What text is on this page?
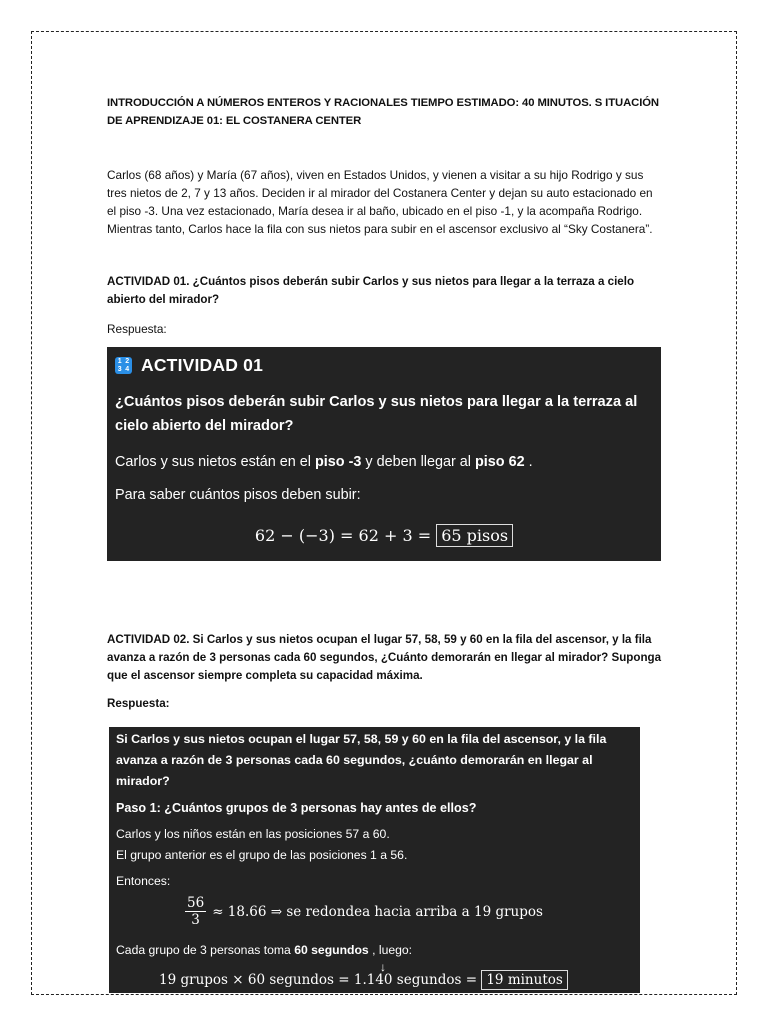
INTRODUCCIÓN A NÚMEROS ENTEROS Y RACIONALES TIEMPO ESTIMADO: 40 MINUTOS. S ITUACIÓN DE APRENDIZAJE 01: EL COSTANERA CENTER
Carlos (68 años) y María (67 años), viven en Estados Unidos, y vienen a visitar a su hijo Rodrigo y sus tres nietos de 2, 7 y 13 años. Deciden ir al mirador del Costanera Center y dejan su auto estacionado en el piso -3. Una vez estacionado, María desea ir al baño, ubicado en el piso -1, y la acompaña Rodrigo. Mientras tanto, Carlos hace la fila con sus nietos para subir en el ascensor exclusivo al “Sky Costanera”.
ACTIVIDAD 01. ¿Cuántos pisos deberán subir Carlos y sus nietos para llegar a la terraza a cielo abierto del mirador?
Respuesta:
1 2
3 4 ACTIVIDAD 01
¿Cuántos pisos deberán subir Carlos y sus nietos para llegar a la terraza al cielo abierto del mirador?
Carlos y sus nietos están en el piso -3 y deben llegar al piso 62 .
Para saber cuántos pisos deben subir:
62 − (−3) = 62 + 3 = 65 pisos
ACTIVIDAD 02. Si Carlos y sus nietos ocupan el lugar 57, 58, 59 y 60 en la fila del ascensor, y la fila avanza a razón de 3 personas cada 60 segundos, ¿Cuánto demorarán en llegar al mirador? Suponga que el ascensor siempre completa su capacidad máxima.
Respuesta:
Si Carlos y sus nietos ocupan el lugar 57, 58, 59 y 60 en la fila del ascensor, y la fila avanza a razón de 3 personas cada 60 segundos, ¿cuánto demorarán en llegar al mirador?
Paso 1: ¿Cuántos grupos de 3 personas hay antes de ellos?
Carlos y los niños están en las posiciones 57 a 60.
El grupo anterior es el grupo de las posiciones 1 a 56.
Entonces:
$\frac{56}{3} \approx 18.66$ ⇒ se redondea hacia arriba a 19 grupos
Cada grupo de 3 personas toma 60 segundos , luego:
↓
19 grupos × 60 segundos = 1.140 segundos = 19 minutos
